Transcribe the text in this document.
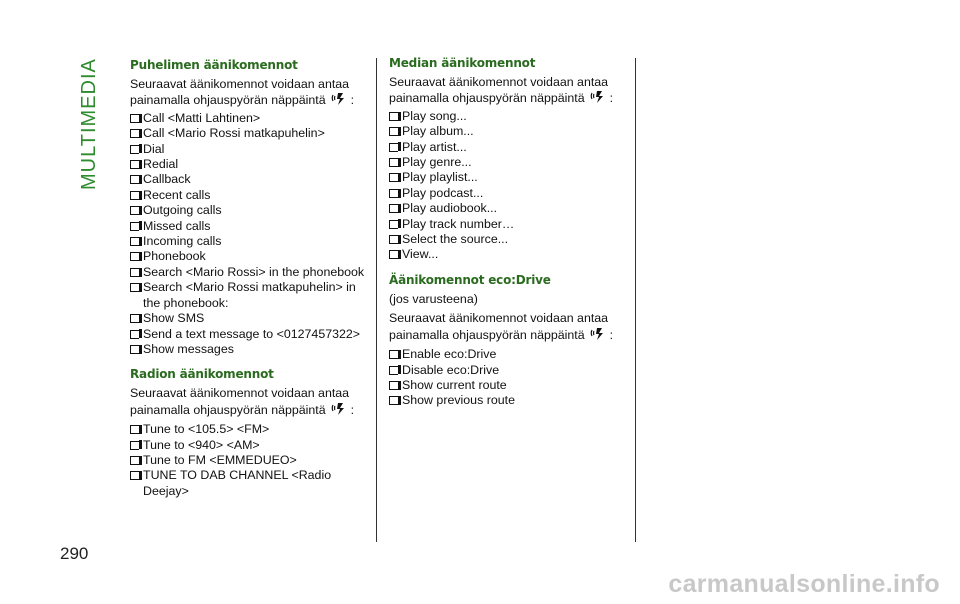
MULTIMEDIA	Puhelimen äänikomennot
Seuraavat äänikomennot voidaan antaa painamalla ohjauspyörän näppäintä :
Call <Matti Lahtinen>
Call <Mario Rossi matkapuhelin>
Dial
Redial
Callback
Recent calls
Outgoing calls
Missed calls
Incoming calls
Phonebook
Search <Mario Rossi> in the phonebook
Search <Mario Rossi matkapuhelin> in the phonebook:
Show SMS
Send a text message to <0127457322>
Show messages
Radion äänikomennot
Seuraavat äänikomennot voidaan antaa painamalla ohjauspyörän näppäintä :
Tune to <105.5> <FM>
Tune to <940> <AM>
Tune to FM <EMMEDUEO>
TUNE TO DAB CHANNEL <Radio Deejay>
Median äänikomennot
Seuraavat äänikomennot voidaan antaa painamalla ohjauspyörän näppäintä :
Play song...
Play album...
Play artist...
Play genre...
Play playlist...
Play podcast...
Play audiobook...
Play track number…
Select the source...
View...
Äänikomennot eco:Drive
(jos varusteena)
Seuraavat äänikomennot voidaan antaa painamalla ohjauspyörän näppäintä :
Enable eco:Drive
Disable eco:Drive
Show current route
Show previous route
290
carmanualsonline.info
